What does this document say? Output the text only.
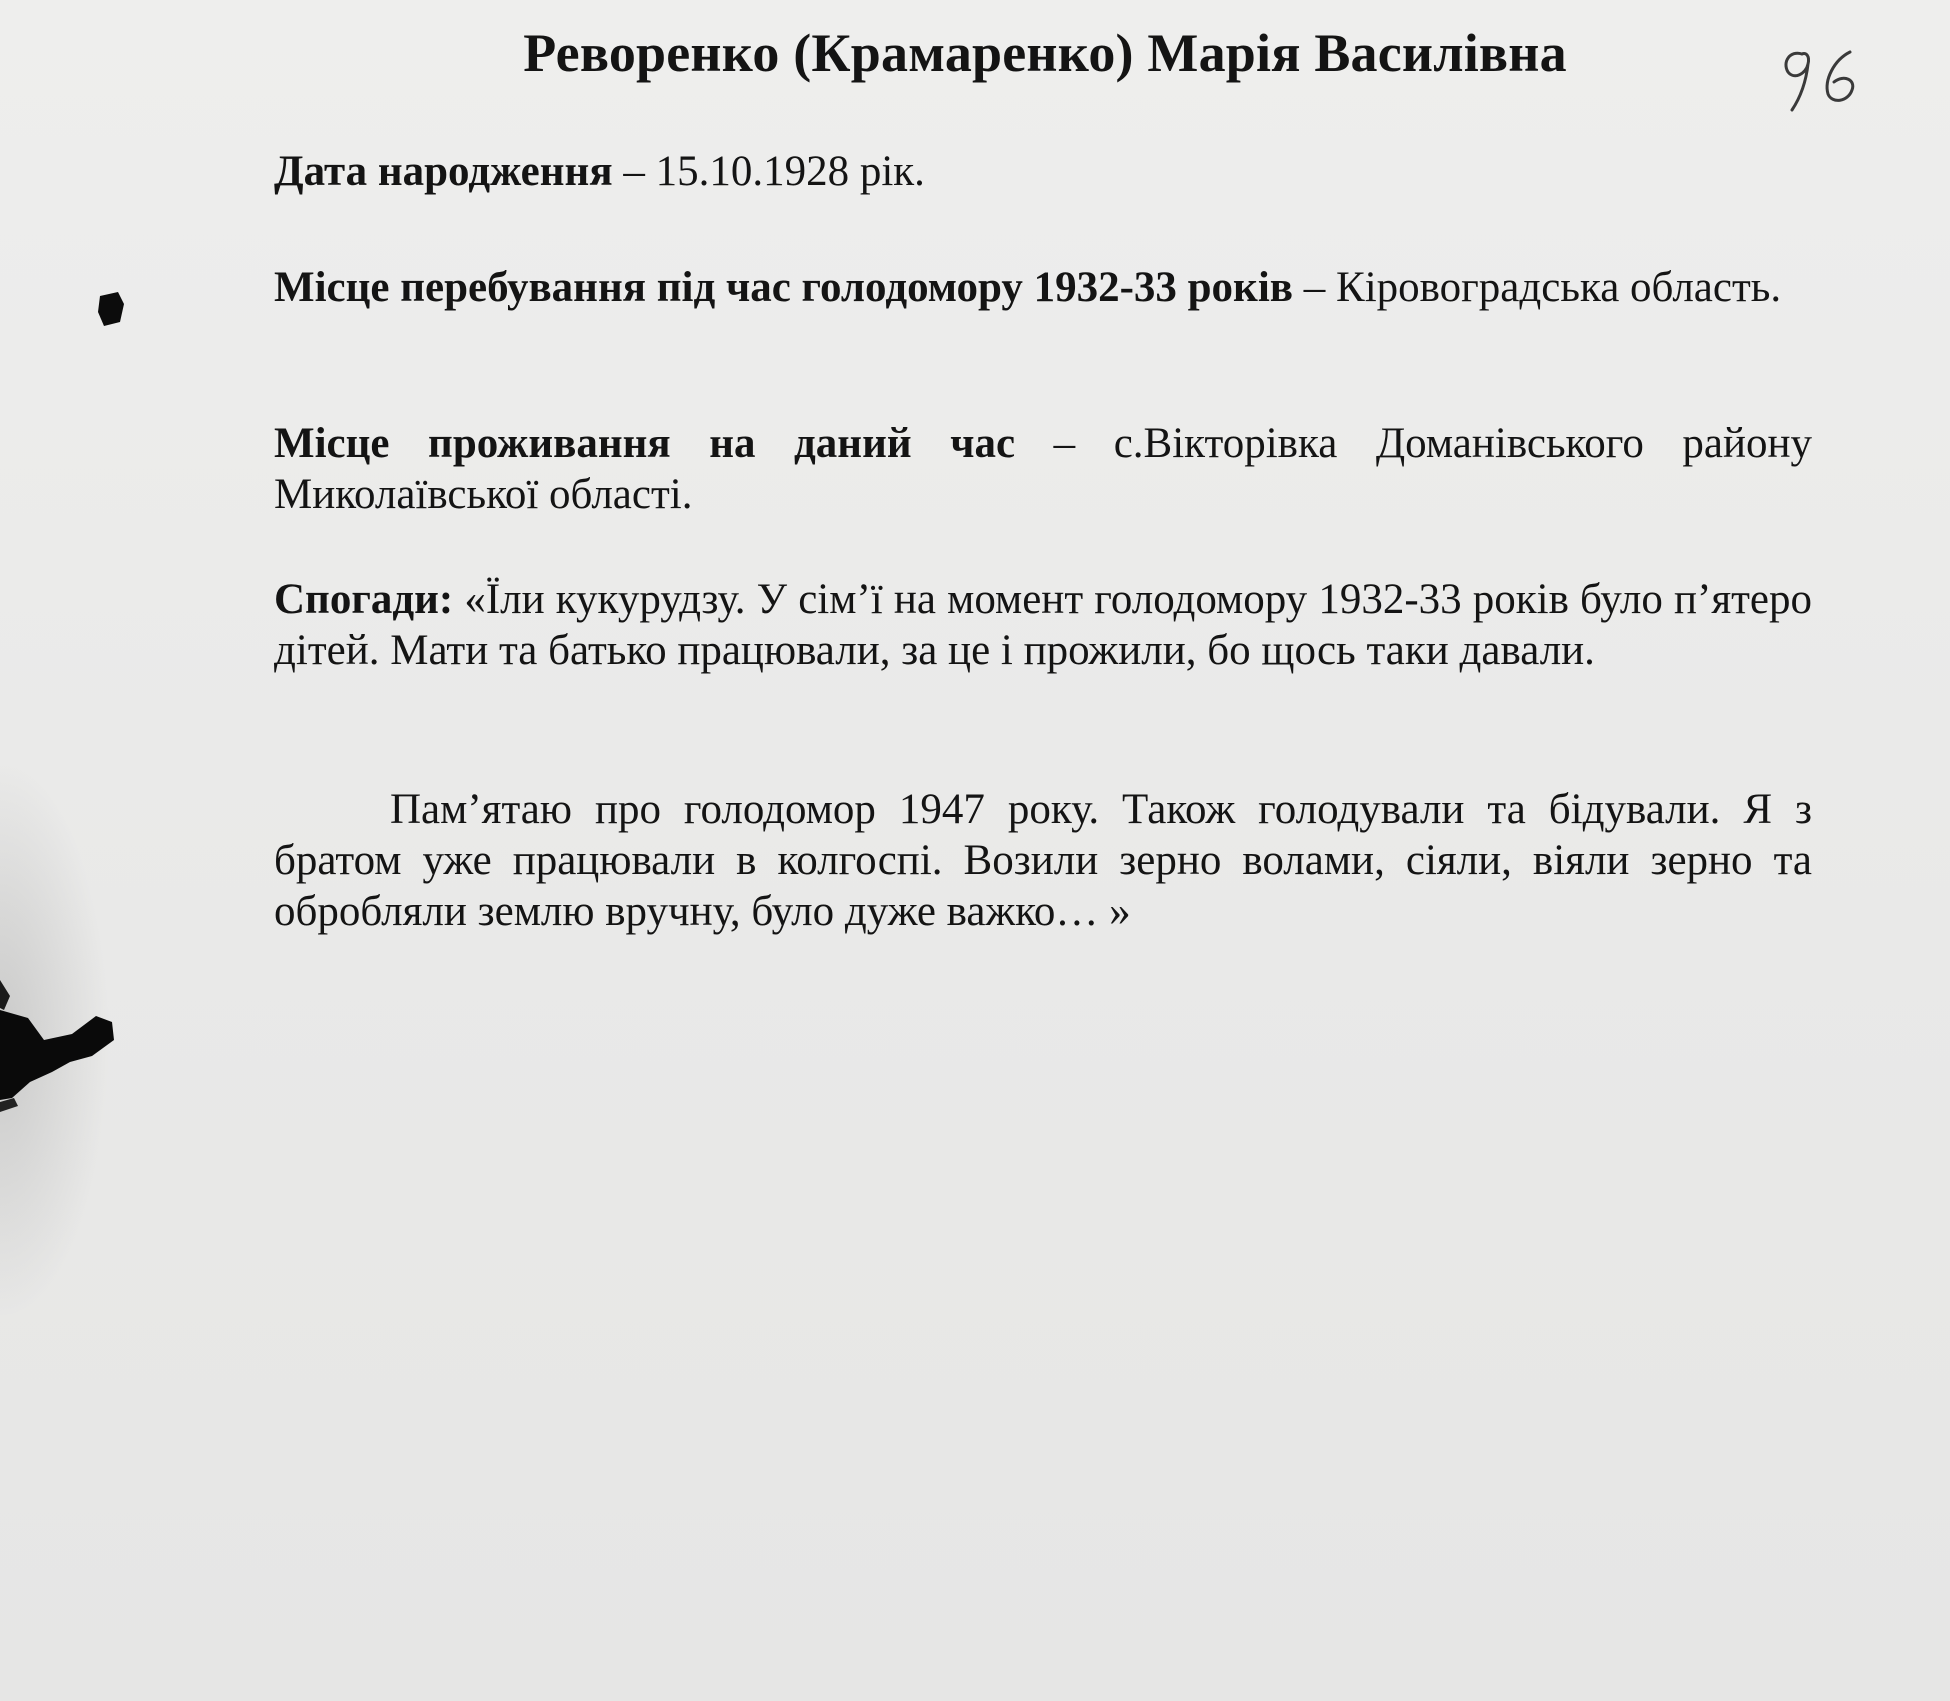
Реворенко (Крамаренко) Марія Василівна
Дата народження – 15.10.1928 рік.
Місце перебування під час голодомору 1932-33 років – Кіровоградська область.
Місце проживання на даний час – с.Вікторівка Доманівського району Миколаївської області.
Спогади: «Їли кукурудзу. У сім’ї на момент голодомору 1932-33 років було п’ятеро дітей. Мати та батько працювали, за це і прожили, бо щось таки давали.
Пам’ятаю про голодомор 1947 року. Також голодували та бідували. Я з братом уже працювали в колгоспі. Возили зерно волами, сіяли, віяли зерно та обробляли землю вручну, було дуже важко… »
